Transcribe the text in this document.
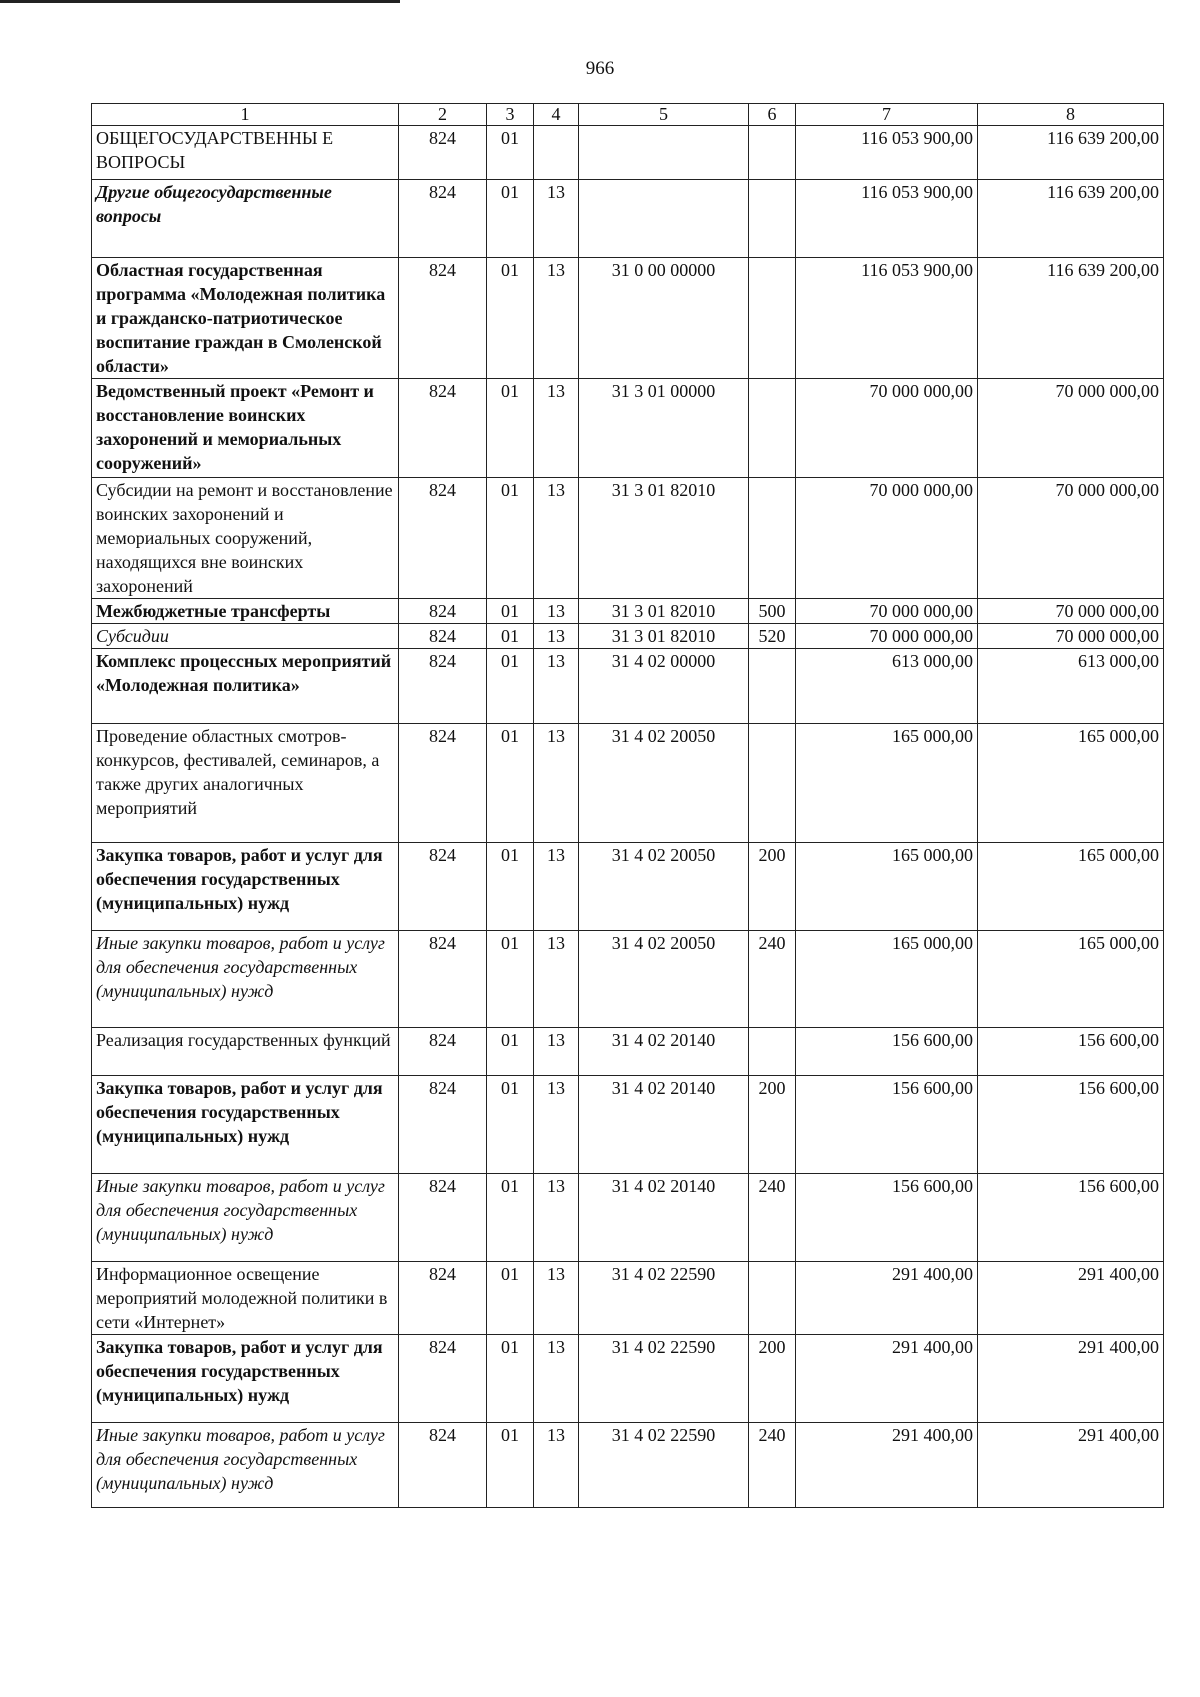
966
1	2	3	4	5	6	7	8
ОБЩЕГОСУДАРСТВЕННЫ Е ВОПРОСЫ	824	01				116 053 900,00	116 639 200,00
Другие общегосударственные вопросы	824	01	13			116 053 900,00	116 639 200,00
Областная государственная программа «Молодежная политика и гражданско-патриотическое воспитание граждан в Смоленской области»	824	01	13	31 0 00 00000		116 053 900,00	116 639 200,00
Ведомственный проект «Ремонт и восстановление воинских захоронений и мемориальных сооружений»	824	01	13	31 3 01 00000		70 000 000,00	70 000 000,00
Субсидии на ремонт и восстановление воинских захоронений и мемориальных сооружений, находящихся вне воинских захоронений	824	01	13	31 3 01 82010		70 000 000,00	70 000 000,00
Межбюджетные трансферты	824	01	13	31 3 01 82010	500	70 000 000,00	70 000 000,00
Субсидии	824	01	13	31 3 01 82010	520	70 000 000,00	70 000 000,00
Комплекс процессных мероприятий «Молодежная политика»	824	01	13	31 4 02 00000		613 000,00	613 000,00
Проведение областных смотров-конкурсов, фестивалей, семинаров, а также других аналогичных мероприятий	824	01	13	31 4 02 20050		165 000,00	165 000,00
Закупка товаров, работ и услуг для обеспечения государственных (муниципальных) нужд	824	01	13	31 4 02 20050	200	165 000,00	165 000,00
Иные закупки товаров, работ и услуг для обеспечения государственных (муниципальных) нужд	824	01	13	31 4 02 20050	240	165 000,00	165 000,00
Реализация государственных функций	824	01	13	31 4 02 20140		156 600,00	156 600,00
Закупка товаров, работ и услуг для обеспечения государственных (муниципальных) нужд	824	01	13	31 4 02 20140	200	156 600,00	156 600,00
Иные закупки товаров, работ и услуг для обеспечения государственных (муниципальных) нужд	824	01	13	31 4 02 20140	240	156 600,00	156 600,00
Информационное освещение мероприятий молодежной политики в сети «Интернет»	824	01	13	31 4 02 22590		291 400,00	291 400,00
Закупка товаров, работ и услуг для обеспечения государственных (муниципальных) нужд	824	01	13	31 4 02 22590	200	291 400,00	291 400,00
Иные закупки товаров, работ и услуг для обеспечения государственных (муниципальных) нужд	824	01	13	31 4 02 22590	240	291 400,00	291 400,00
